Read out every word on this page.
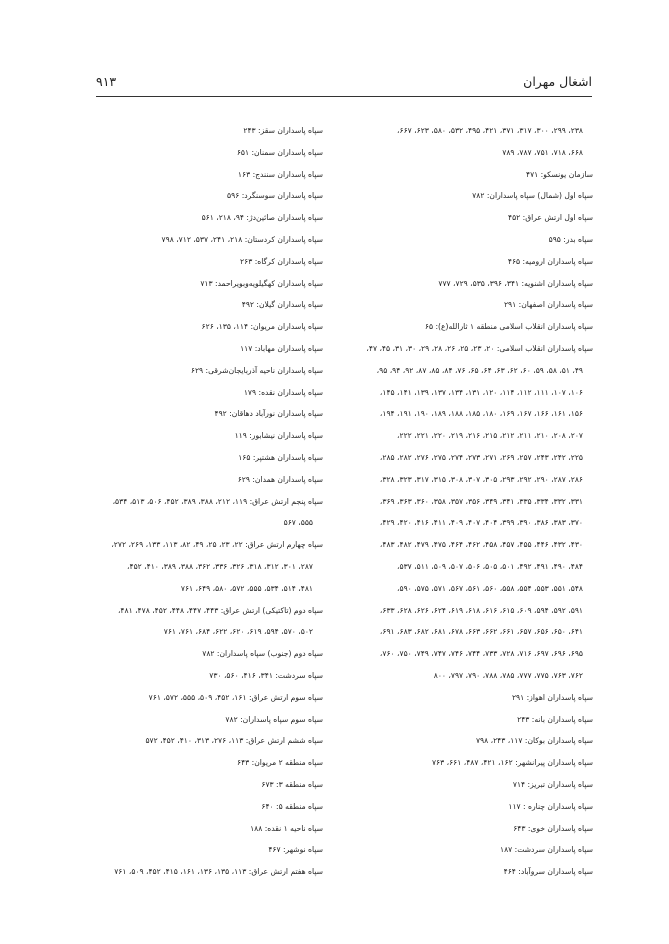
اشغال مهران
۹۱۳
۲۳۸، ۲۹۹، ۳۰۰، ۳۱۷، ۳۷۱، ۴۲۱، ۴۹۵، ۵۳۲، ۵۸۰، ۶۲۳، ۶۶۷،
۶۶۸، ۷۱۸، ۷۵۱، ۷۸۷، ۷۸۹
سازمان یونسکو: ۴۷۱
سپاه اول (شمال) سپاه پاسداران: ۷۸۲
سپاه اول ارتش عراق: ۴۵۲
سپاه بدر: ۵۹۵
سپاه پاسداران ارومیه: ۴۶۵
سپاه پاسداران اشنویه: ۳۴۱، ۳۹۶، ۵۳۵، ۷۲۹، ۷۷۷
سپاه پاسداران اصفهان: ۲۹۱
سپاه پاسداران انقلاب اسلامی منطقه ۱ ثارالله(ع): ۶۵
سپاه پاسداران انقلاب اسلامی: ۲۰، ۲۳، ۲۵، ۲۶، ۲۸، ۲۹، ۳۰، ۳۱، ۴۵، ۴۷،
۴۹، ۵۱، ۵۸، ۵۹، ۶۰، ۶۲، ۶۳، ۶۴، ۶۵، ۷۶، ۸۴، ۸۵، ۸۷، ۹۲، ۹۴، ۹۵،
۱۰۶، ۱۰۷، ۱۱۱، ۱۱۲، ۱۱۴، ۱۲۰، ۱۳۱، ۱۳۴، ۱۳۷، ۱۳۹، ۱۴۱، ۱۴۵،
۱۵۶، ۱۶۱، ۱۶۶، ۱۶۷، ۱۶۹، ۱۸۰، ۱۸۵، ۱۸۸، ۱۸۹، ۱۹۰، ۱۹۱، ۱۹۴،
۲۰۷، ۲۰۸، ۲۱۰، ۲۱۱، ۲۱۲، ۲۱۵، ۲۱۶، ۲۱۹، ۲۲۰، ۲۲۱، ۲۲۲،
۲۲۵، ۲۴۲، ۲۴۳، ۲۵۷، ۲۶۹، ۲۷۱، ۲۷۳، ۲۷۴، ۲۷۵، ۲۷۶، ۲۸۲، ۲۸۵،
۲۸۶، ۲۸۷، ۲۹۰، ۲۹۲، ۲۹۳، ۳۰۵، ۳۰۷، ۳۰۸، ۳۱۵، ۳۱۷، ۳۲۳، ۳۲۸،
۳۳۱، ۳۳۲، ۳۳۴، ۳۳۵، ۳۴۱، ۳۴۹، ۳۵۶، ۳۵۷، ۳۵۸، ۳۶۰، ۳۶۳، ۳۶۹،
۳۷۰، ۳۸۳، ۳۸۶، ۳۹۰، ۳۹۹، ۴۰۴، ۴۰۷، ۴۰۹، ۴۱۱، ۴۱۶، ۴۲۰، ۴۲۹،
۴۳۰، ۴۳۲، ۴۴۶، ۴۵۵، ۴۵۷، ۴۵۸، ۴۶۲، ۴۶۴، ۴۷۵، ۴۷۹، ۴۸۲، ۴۸۳،
۴۸۴، ۴۹۰، ۴۹۱، ۴۹۲، ۵۰۱، ۵۰۵، ۵۰۶، ۵۰۷، ۵۰۹، ۵۱۱، ۵۳۷،
۵۴۸، ۵۵۱، ۵۵۳، ۵۵۴، ۵۵۸، ۵۶۰، ۵۶۱، ۵۶۷، ۵۷۱، ۵۷۵، ۵۹۰،
۵۹۱، ۵۹۲، ۵۹۴، ۶۰۹، ۶۱۵، ۶۱۶، ۶۱۸، ۶۱۹، ۶۲۴، ۶۲۶، ۶۲۸، ۶۳۳،
۶۴۱، ۶۵۰، ۶۵۶، ۶۵۷، ۶۶۱، ۶۶۲، ۶۶۳، ۶۷۸، ۶۸۱، ۶۸۲، ۶۸۳، ۶۹۱،
۶۹۵، ۶۹۶، ۶۹۷، ۷۱۶، ۷۲۸، ۷۳۳، ۷۴۴، ۷۴۶، ۷۴۷، ۷۴۹، ۷۵۰، ۷۶۰،
۷۶۲، ۷۶۳، ۷۷۵، ۷۷۷، ۷۸۵، ۷۸۸، ۷۹۰، ۷۹۷، ۸۰۰
سپاه پاسداران اهواز: ۲۹۱
سپاه پاسداران بانه: ۲۴۳
سپاه پاسداران بوکان: ۱۱۷، ۲۴۳، ۷۹۸
سپاه پاسداران پیرانشهر: ۱۶۲، ۴۲۱، ۴۸۷، ۶۶۱، ۷۶۳
سپاه پاسداران تبریز: ۷۱۴
سپاه پاسداران چناره : ۱۱۷
سپاه پاسداران خوی: ۶۴۳
سپاه پاسداران سردشت: ۱۸۷
سپاه پاسداران سروآباد: ۴۶۴
سپاه پاسداران سقز: ۲۴۳
سپاه پاسداران سمنان: ۶۵۱
سپاه پاسداران سنندج: ۱۶۳
سپاه پاسداران سوسنگرد: ۵۹۶
سپاه پاسداران صائین‌دژ: ۹۴، ۲۱۸، ۵۶۱
سپاه پاسداران کردستان: ۲۱۸، ۲۴۱، ۵۳۷، ۷۱۲، ۷۹۸
سپاه پاسداران کرگاه: ۲۶۳
سپاه پاسداران کهگیلویه‌وبویراحمد: ۷۱۳
سپاه پاسداران گیلان: ۴۹۲
سپاه پاسداران مریوان: ۱۱۴، ۱۳۵، ۶۲۶
سپاه پاسداران مهاباد: ۱۱۷
سپاه پاسداران ناحیه آذربایجان‌شرقی: ۶۲۹
سپاه پاسداران نقده: ۱۷۹
سپاه پاسداران نورآباد دهاقان: ۴۹۲
سپاه پاسداران نیشابور: ۱۱۹
سپاه پاسداران هشتپر: ۱۶۵
سپاه پاسداران همدان: ۶۲۹
سپاه پنجم ارتش عراق: ۱۱۹، ۲۱۲، ۳۸۸، ۳۸۹، ۴۵۲، ۵۰۶، ۵۱۳، ۵۳۴،
۵۵۵، ۵۶۷
سپاه چهارم ارتش عراق: ۲۲، ۲۳، ۲۵، ۴۹، ۸۲، ۱۱۳، ۱۳۳، ۲۶۹، ۲۷۲،
۲۸۷، ۳۰۱، ۳۱۲، ۳۱۸، ۳۲۶، ۳۳۶، ۳۶۲، ۳۸۸، ۳۸۹، ۴۱۰، ۴۵۲،
۴۸۱، ۵۱۴، ۵۳۴، ۵۵۵، ۵۷۲، ۵۸۰، ۶۴۹، ۷۶۱
سپاه دوم (تاکتیکی) ارتش عراق: ۴۴۳، ۴۴۷، ۴۴۸، ۴۵۲، ۴۷۸، ۴۸۱،
۵۰۲، ۵۷۰، ۵۹۴، ۶۱۹، ۶۲۰، ۶۲۲، ۶۸۴، ۷۶۱، ۷۶۱
سپاه دوم (جنوب) سپاه پاسداران: ۷۸۲
سپاه سردشت: ۳۴۱، ۴۱۶، ۵۶۰، ۷۳۰
سپاه سوم ارتش عراق: ۱۶۱، ۴۵۲، ۵۰۹، ۵۵۵، ۵۷۲، ۷۶۱
سپاه سوم سپاه پاسداران: ۷۸۲
سپاه ششم ارتش عراق: ۱۱۳، ۲۷۶، ۳۱۳، ۴۱۰، ۴۵۲، ۵۷۲
سپاه منطقه ۲ مریوان: ۶۴۳
سپاه منطقه ۳: ۶۷۳
سپاه منطقه ۵: ۶۴۰
سپاه ناحیه ۱ نقده: ۱۸۸
سپاه نوشهر: ۴۶۷
سپاه هفتم ارتش عراق: ۱۱۳، ۱۳۵، ۱۳۶، ۱۶۱، ۴۱۵، ۴۵۲، ۵۰۹، ۷۶۱
